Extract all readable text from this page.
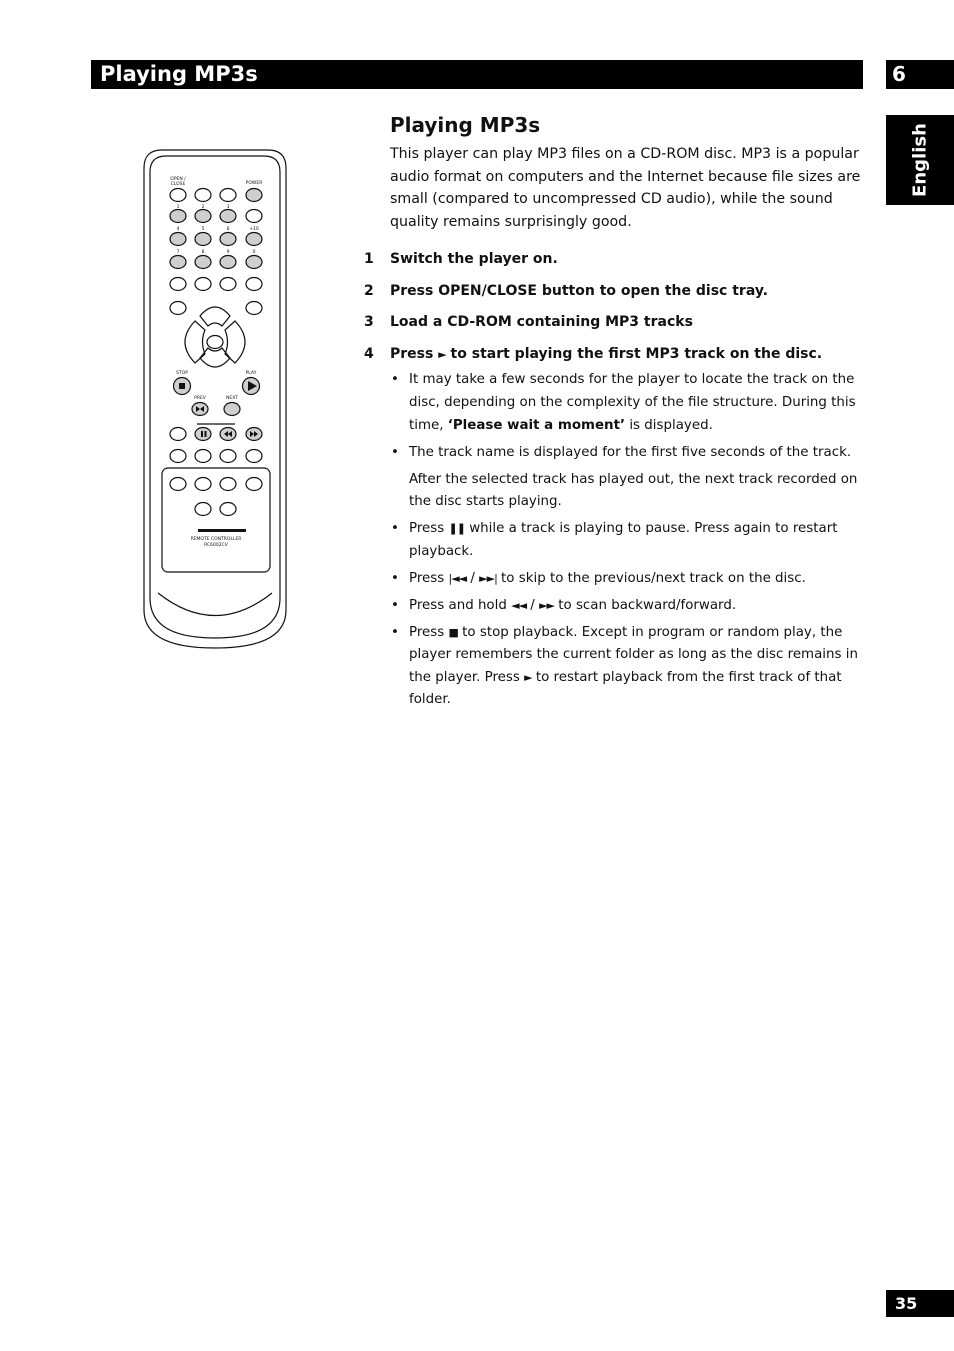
Playing MP3s	6
English
OPEN /
CLOSE	POWER
1	2	3
4	5	6	+10
7	8	9	0
STOP	PLAY
PREV	NEXT
REMOTE CONTROLLER
RC6002CV
Playing MP3s
This player can play MP3 files on a CD-ROM disc. MP3 is a popular audio format on computers and the Internet because file sizes are small (compared to uncompressed CD audio), while the sound quality remains surprisingly good.
1 Switch the player on.
2 Press OPEN/CLOSE button to open the disc tray.
3 Load a CD-ROM containing MP3 tracks
4 Press ► to start playing the first MP3 track on the disc.
• It may take a few seconds for the player to locate the track on the disc, depending on the complexity of the file structure. During this time, ‘Please wait a moment’ is displayed.
• The track name is displayed for the first five seconds of the track.
After the selected track has played out, the next track recorded on the disc starts playing.
• Press ❚❚ while a track is playing to pause. Press again to restart playback.
• Press |◄◄ / ►►| to skip to the previous/next track on the disc.
• Press and hold ◄◄ / ►► to scan backward/forward.
• Press ■ to stop playback. Except in program or random play, the player remembers the current folder as long as the disc remains in the player. Press ► to restart playback from the first track of that folder.
35
